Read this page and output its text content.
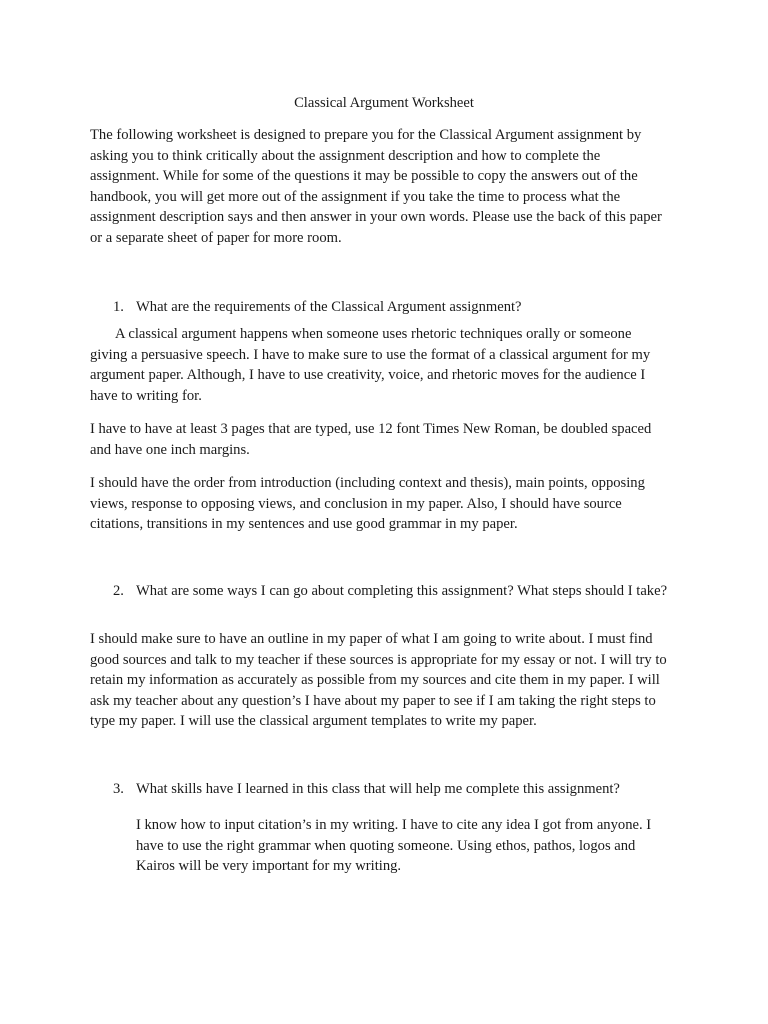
Classical Argument Worksheet

The following worksheet is designed to prepare you for the Classical Argument assignment by asking you to think critically about the assignment description and how to complete the assignment. While for some of the questions it may be possible to copy the answers out of the handbook, you will get more out of the assignment if you take the time to process what the assignment description says and then answer in your own words. Please use the back of this paper or a separate sheet of paper for more room.

1. What are the requirements of the Classical Argument assignment?

A classical argument happens when someone uses rhetoric techniques orally or someone giving a persuasive speech. I have to make sure to use the format of a classical argument for my argument paper. Although, I have to use creativity, voice, and rhetoric moves for the audience I have to writing for.

I have to have at least 3 pages that are typed, use 12 font Times New Roman, be doubled spaced and have one inch margins.

I should have the order from introduction (including context and thesis), main points, opposing views, response to opposing views, and conclusion in my paper. Also, I should have source citations, transitions in my sentences and use good grammar in my paper.

2. What are some ways I can go about completing this assignment? What steps should I take?

I should make sure to have an outline in my paper of what I am going to write about. I must find good sources and talk to my teacher if these sources is appropriate for my essay or not. I will try to retain my information as accurately as possible from my sources and cite them in my paper. I will ask my teacher about any question’s I have about my paper to see if I am taking the right steps to type my paper. I will use the classical argument templates to write my paper.

3. What skills have I learned in this class that will help me complete this assignment?

I know how to input citation’s in my writing. I have to cite any idea I got from anyone. I have to use the right grammar when quoting someone. Using ethos, pathos, logos and Kairos will be very important for my writing.
